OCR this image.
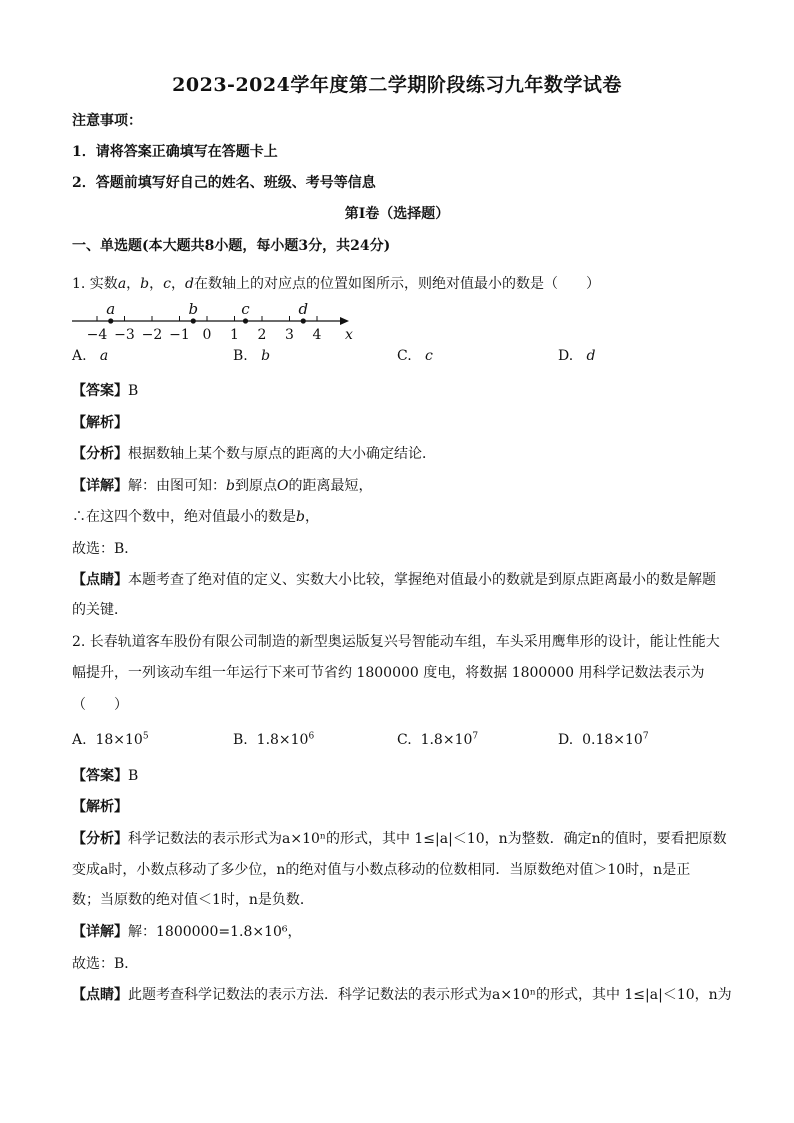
2023-2024学年度第二学期阶段练习九年数学试卷
注意事项：
1．请将答案正确填写在答题卡上
2．答题前填写好自己的姓名、班级、考号等信息
第I卷（选择题）
一、单选题(本大题共8小题，每小题3分，共24分)
1. 实数a，b，c，d在数轴上的对应点的位置如图所示，则绝对值最小的数是（　　）
−4 −3 −2 −1 0 1 2 3 4 x
a	b	c	d
A. a	B. b	C. c	D. d
【答案】B
【解析】
【分析】根据数轴上某个数与原点的距离的大小确定结论．
【详解】解：由图可知：b到原点O的距离最短，
∴在这四个数中，绝对值最小的数是b，
故选：B．
【点睛】本题考查了绝对值的定义、实数大小比较，掌握绝对值最小的数就是到原点距离最小的数是解题
的关键．
2. 长春轨道客车股份有限公司制造的新型奥运版复兴号智能动车组，车头采用鹰隼形的设计，能让性能大
幅提升，一列该动车组一年运行下来可节省约 1800000 度电，将数据 1800000 用科学记数法表示为
（　　）
A. $18\times 10^5$	B. $1.8\times 10^6$	C. $1.8\times 10^7$	D. $0.18\times 10^7$
【答案】B
【解析】
【分析】科学记数法的表示形式为a×10ⁿ的形式，其中 1≤|a|＜10，n为整数．确定n的值时，要看把原数
变成a时，小数点移动了多少位，n的绝对值与小数点移动的位数相同．当原数绝对值＞10时，n是正
数；当原数的绝对值＜1时，n是负数．
【详解】解：1800000=1.8×10⁶，
故选：B．
【点睛】此题考查科学记数法的表示方法．科学记数法的表示形式为a×10ⁿ的形式，其中 1≤|a|＜10，n为
